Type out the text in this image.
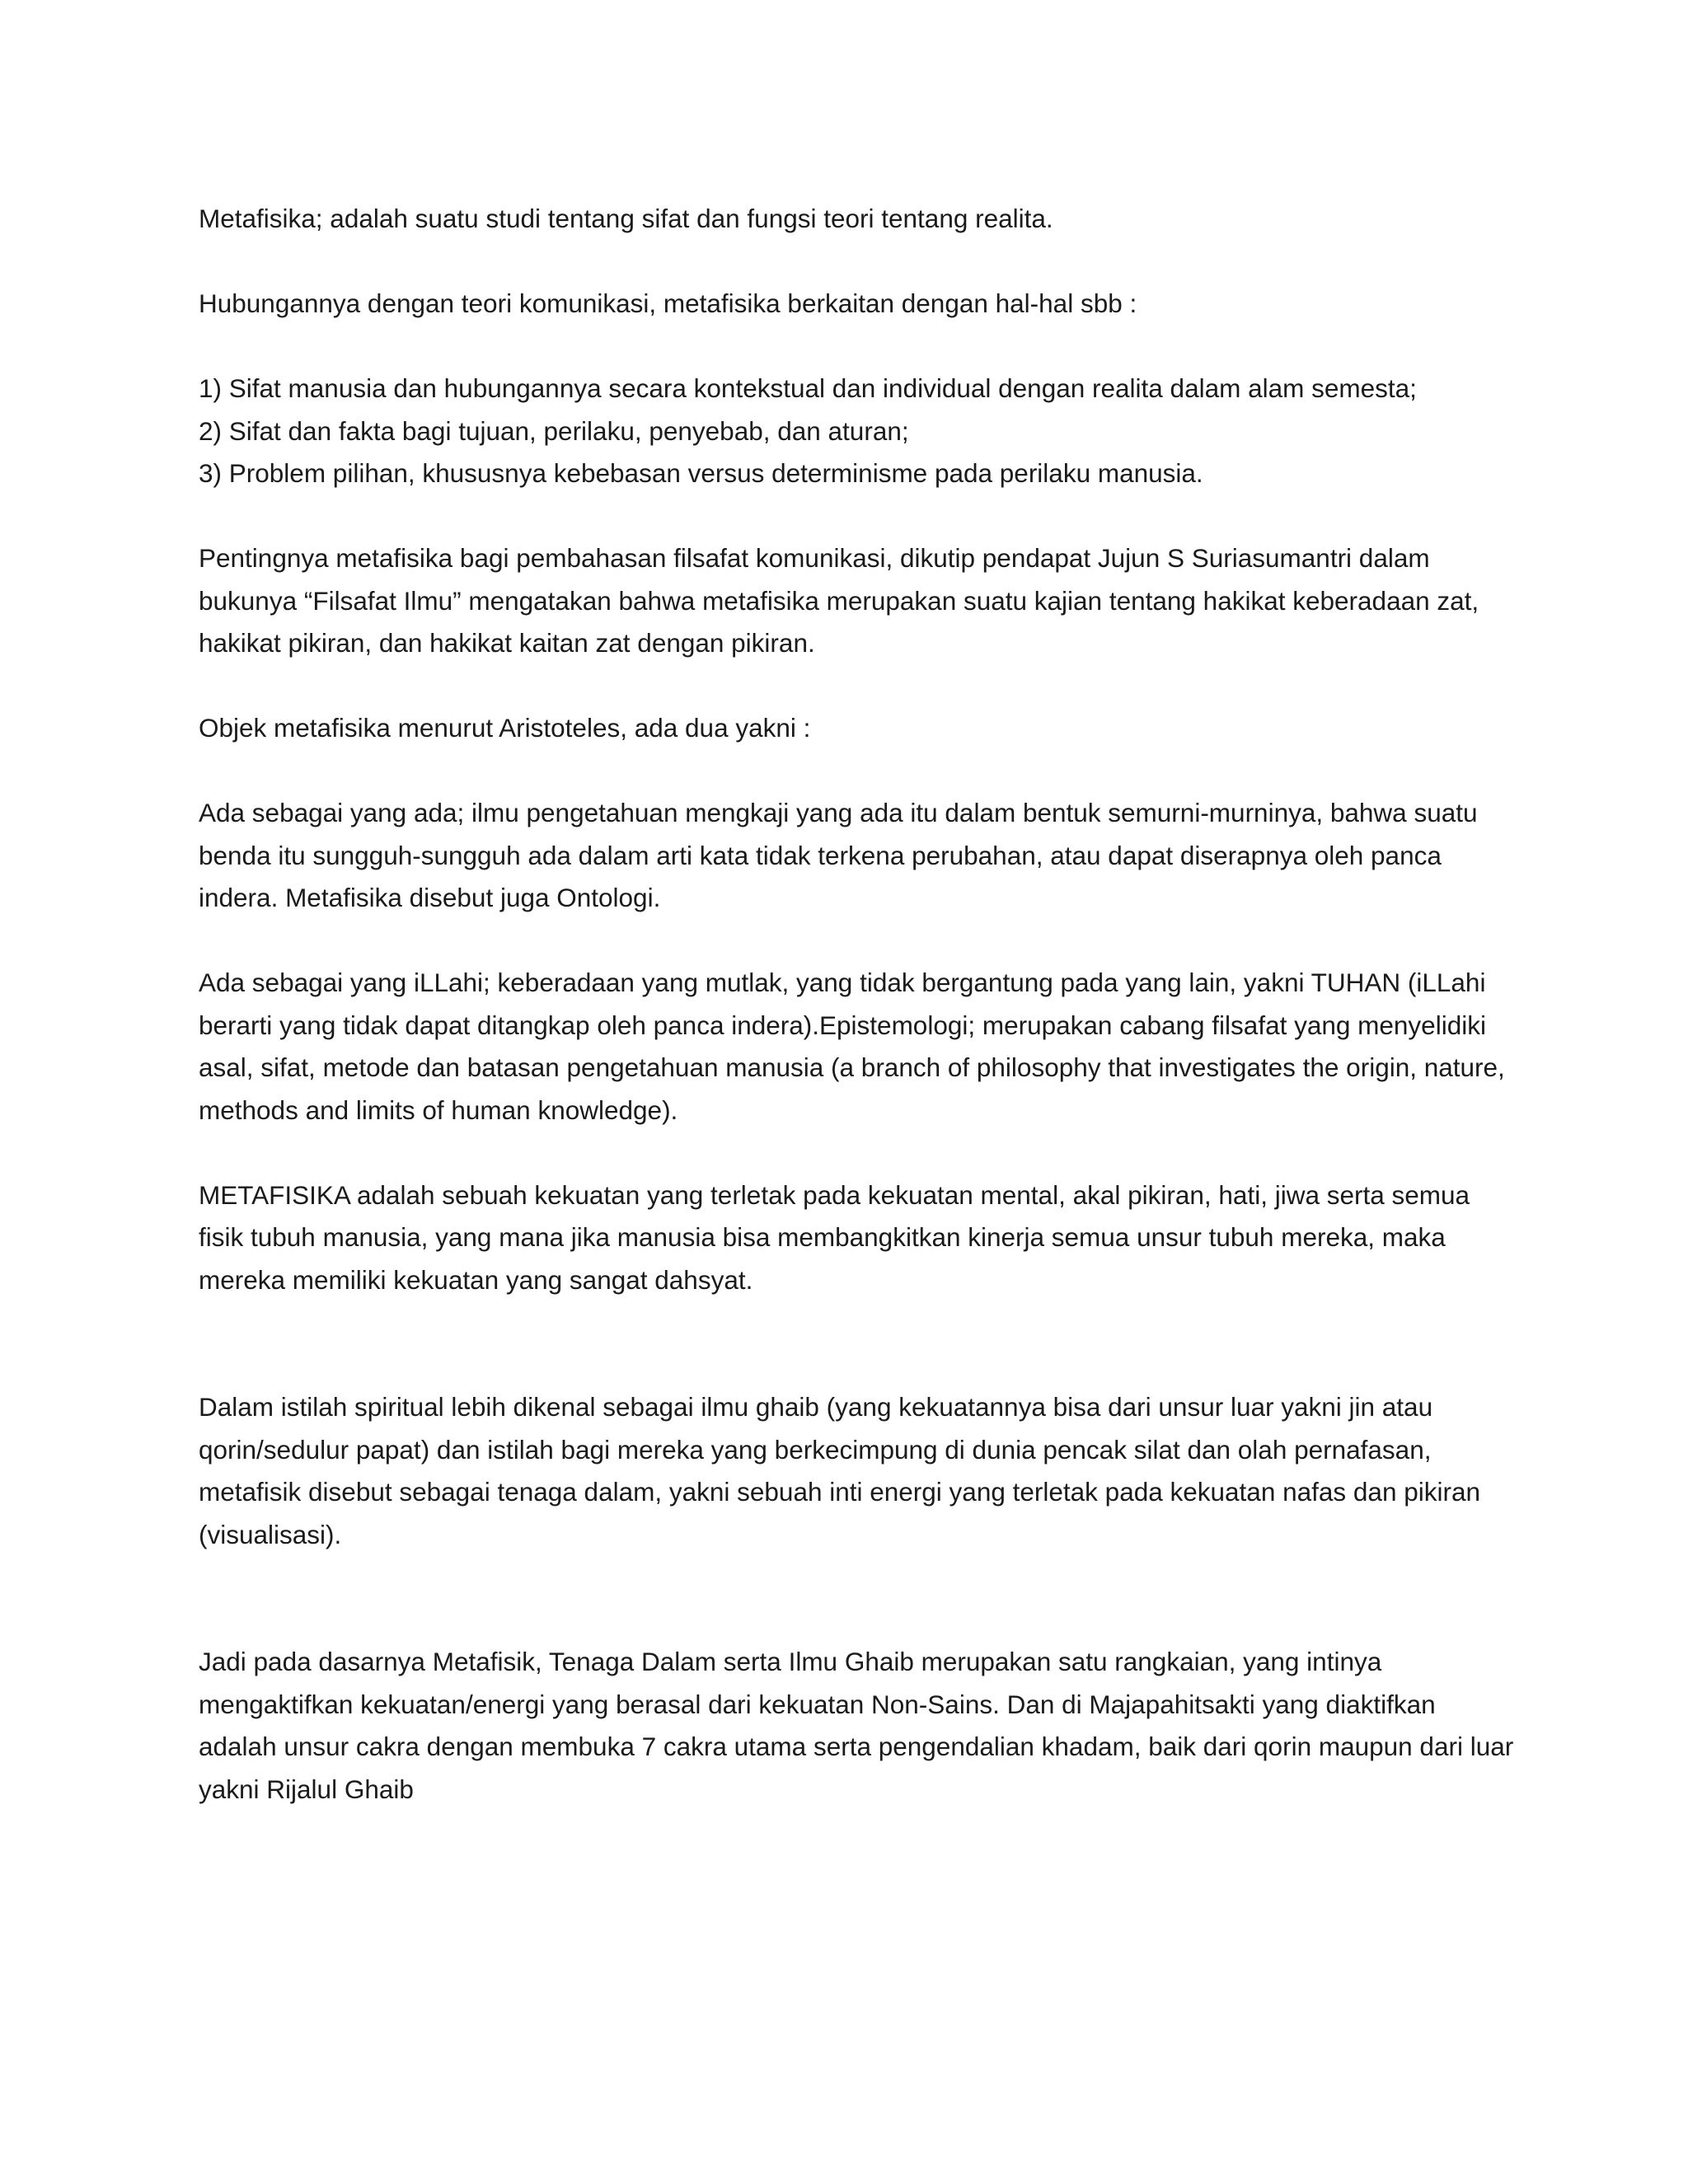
Metafisika; adalah suatu studi tentang sifat dan fungsi teori tentang realita.

Hubungannya dengan teori komunikasi, metafisika berkaitan dengan hal-hal sbb :

1) Sifat manusia dan hubungannya secara kontekstual dan individual dengan realita dalam alam semesta;

2) Sifat dan fakta bagi tujuan, perilaku, penyebab, dan aturan;

3) Problem pilihan, khususnya kebebasan versus determinisme pada perilaku manusia.

Pentingnya metafisika bagi pembahasan filsafat komunikasi, dikutip pendapat Jujun S Suriasumantri dalam bukunya “Filsafat Ilmu” mengatakan bahwa metafisika merupakan suatu kajian tentang hakikat keberadaan zat, hakikat pikiran, dan hakikat kaitan zat dengan pikiran.

Objek metafisika menurut Aristoteles, ada dua yakni :

Ada sebagai yang ada; ilmu pengetahuan mengkaji yang ada itu dalam bentuk semurni-murninya, bahwa suatu benda itu sungguh-sungguh ada dalam arti kata tidak terkena perubahan, atau dapat diserapnya oleh panca indera. Metafisika disebut juga Ontologi.

Ada sebagai yang iLLahi; keberadaan yang mutlak, yang tidak bergantung pada yang lain, yakni TUHAN (iLLahi berarti yang tidak dapat ditangkap oleh panca indera).Epistemologi; merupakan cabang filsafat yang menyelidiki asal, sifat, metode dan batasan pengetahuan manusia (a branch of philosophy that investigates the origin, nature, methods and limits of human knowledge).

METAFISIKA adalah sebuah kekuatan yang terletak pada kekuatan mental, akal pikiran, hati, jiwa serta semua fisik tubuh manusia, yang mana jika manusia bisa membangkitkan kinerja semua unsur tubuh mereka, maka mereka memiliki kekuatan yang sangat dahsyat.

Dalam istilah spiritual lebih dikenal sebagai ilmu ghaib (yang kekuatannya bisa dari unsur luar yakni jin atau qorin/sedulur papat) dan istilah bagi mereka yang berkecimpung di dunia pencak silat dan olah pernafasan, metafisik disebut sebagai tenaga dalam, yakni sebuah inti energi yang terletak pada kekuatan nafas dan pikiran (visualisasi).

Jadi pada dasarnya Metafisik, Tenaga Dalam serta Ilmu Ghaib merupakan satu rangkaian, yang intinya mengaktifkan kekuatan/energi yang berasal dari kekuatan Non-Sains. Dan di Majapahitsakti yang diaktifkan adalah unsur cakra dengan membuka 7 cakra utama serta pengendalian khadam, baik dari qorin maupun dari luar yakni Rijalul Ghaib
